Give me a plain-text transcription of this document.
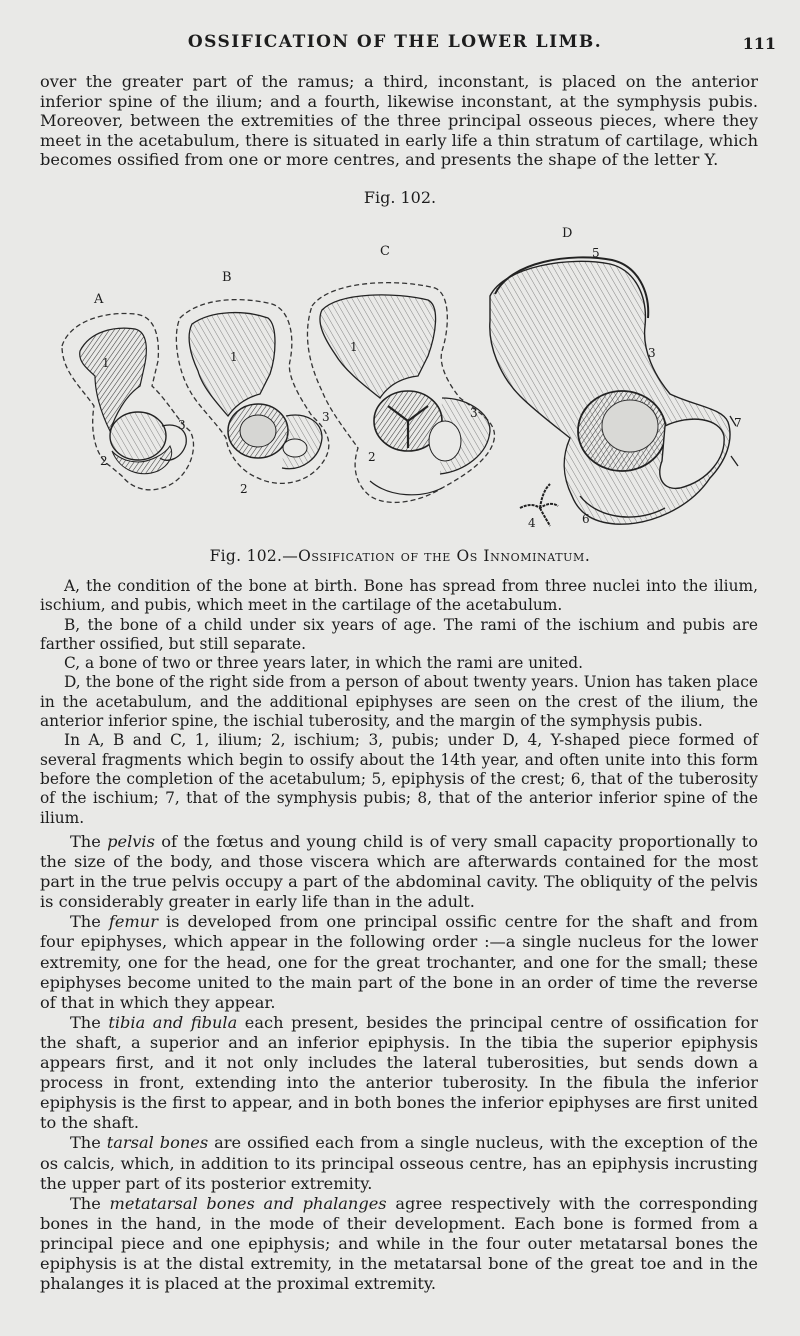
OSSIFICATION OF THE LOWER LIMB.	111

over the greater part of the ramus; a third, inconstant, is placed on the anterior inferior spine of the ilium; and a fourth, likewise inconstant, at the symphysis pubis. Moreover, between the extremities of the three principal osseous pieces, where they meet in the acetabulum, there is situated in early life a thin stratum of cartilage, which becomes ossified from one or more centres, and presents the shape of the letter Y.

Fig. 102.
A
B
C
D
1
2
3
1
3
2
1
3
2
5
3
7
4	6
Fig. 102.—Ossification of the Os Innominatum.

A, the condition of the bone at birth. Bone has spread from three nuclei into the ilium, ischium, and pubis, which meet in the cartilage of the acetabulum.

B, the bone of a child under six years of age. The rami of the ischium and pubis are farther ossified, but still separate.

C, a bone of two or three years later, in which the rami are united.

D, the bone of the right side from a person of about twenty years. Union has taken place in the acetabulum, and the additional epiphyses are seen on the crest of the ilium, the anterior inferior spine, the ischial tuberosity, and the margin of the symphysis pubis.

In A, B and C, 1, ilium; 2, ischium; 3, pubis; under D, 4, Y-shaped piece formed of several fragments which begin to ossify about the 14th year, and often unite into this form before the completion of the acetabulum; 5, epiphysis of the crest; 6, that of the tuberosity of the ischium; 7, that of the symphysis pubis; 8, that of the anterior inferior spine of the ilium.

The pelvis of the fœtus and young child is of very small capacity proportionally to the size of the body, and those viscera which are afterwards contained for the most part in the true pelvis occupy a part of the abdominal cavity. The obliquity of the pelvis is considerably greater in early life than in the adult.

The femur is developed from one principal ossific centre for the shaft and from four epiphyses, which appear in the following order :—a single nucleus for the lower extremity, one for the head, one for the great trochanter, and one for the small; these epiphyses become united to the main part of the bone in an order of time the reverse of that in which they appear.

The tibia and fibula each present, besides the principal centre of ossification for the shaft, a superior and an inferior epiphysis. In the tibia the superior epiphysis appears first, and it not only includes the lateral tuberosities, but sends down a process in front, extending into the anterior tuberosity. In the fibula the inferior epiphysis is the first to appear, and in both bones the inferior epiphyses are first united to the shaft.

The tarsal bones are ossified each from a single nucleus, with the exception of the os calcis, which, in addition to its principal osseous centre, has an epiphysis incrusting the upper part of its posterior extremity.

The metatarsal bones and phalanges agree respectively with the corresponding bones in the hand, in the mode of their development. Each bone is formed from a principal piece and one epiphysis; and while in the four outer metatarsal bones the epiphysis is at the distal extremity, in the metatarsal bone of the great toe and in the phalanges it is placed at the proximal extremity.
